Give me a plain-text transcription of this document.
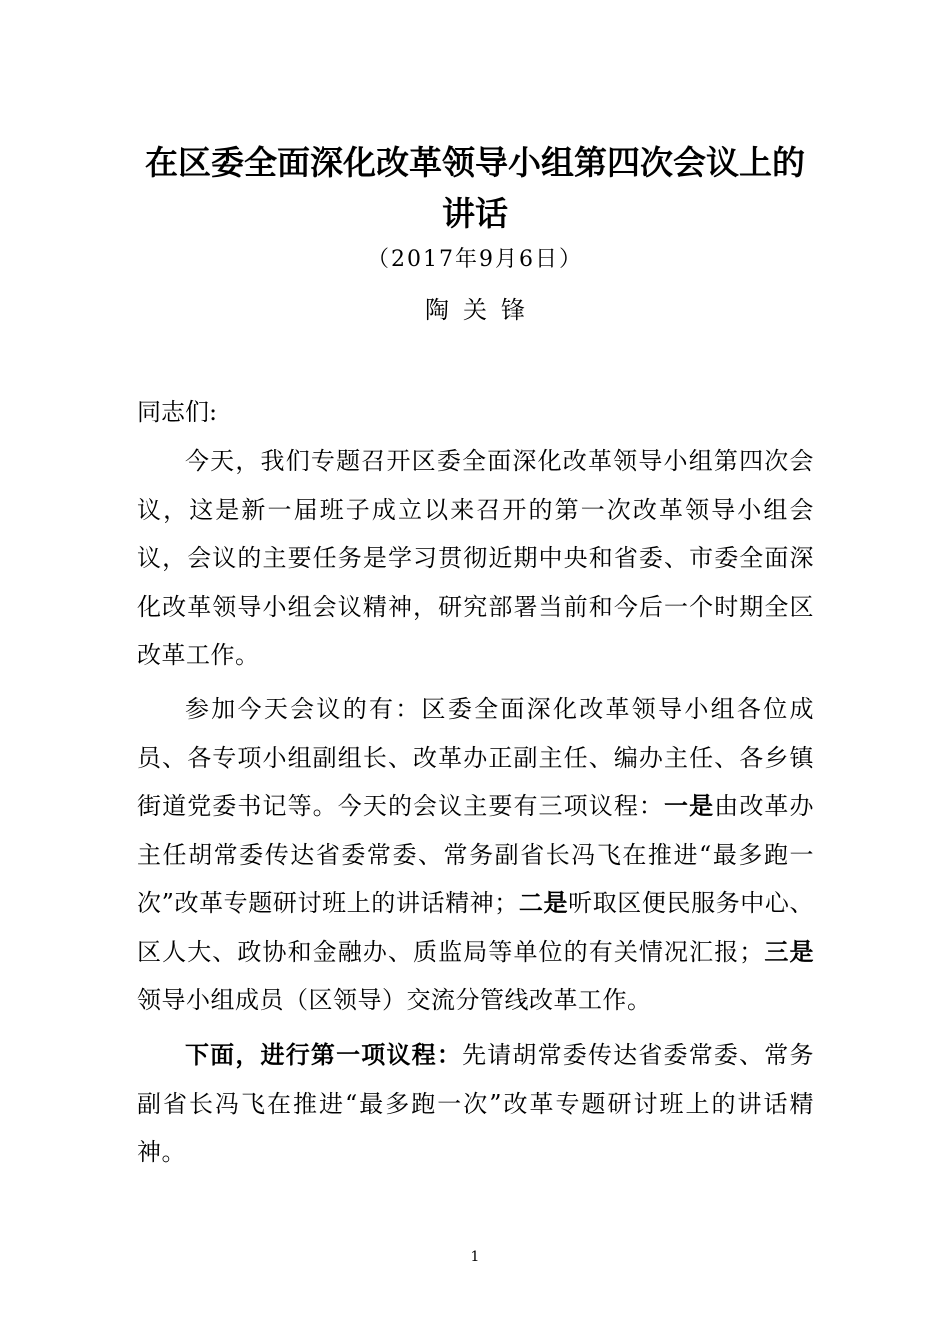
在区委全面深化改革领导小组第四次会议上的
讲话
（2017年9月6日）
陶关锋
同志们:

今天，我们专题召开区委全面深化改革领导小组第四次会议，这是新一届班子成立以来召开的第一次改革领导小组会议，会议的主要任务是学习贯彻近期中央和省委、市委全面深化改革领导小组会议精神，研究部署当前和今后一个时期全区改革工作。

参加今天会议的有：区委全面深化改革领导小组各位成员、各专项小组副组长、改革办正副主任、编办主任、各乡镇街道党委书记等。今天的会议主要有三项议程：一是由改革办主任胡常委传达省委常委、常务副省长冯飞在推进“最多跑一次”改革专题研讨班上的讲话精神；二是听取区便民服务中心、区人大、政协和金融办、质监局等单位的有关情况汇报；三是领导小组成员（区领导）交流分管线改革工作。

下面，进行第一项议程：先请胡常委传达省委常委、常务副省长冯飞在推进“最多跑一次”改革专题研讨班上的讲话精神。

1
